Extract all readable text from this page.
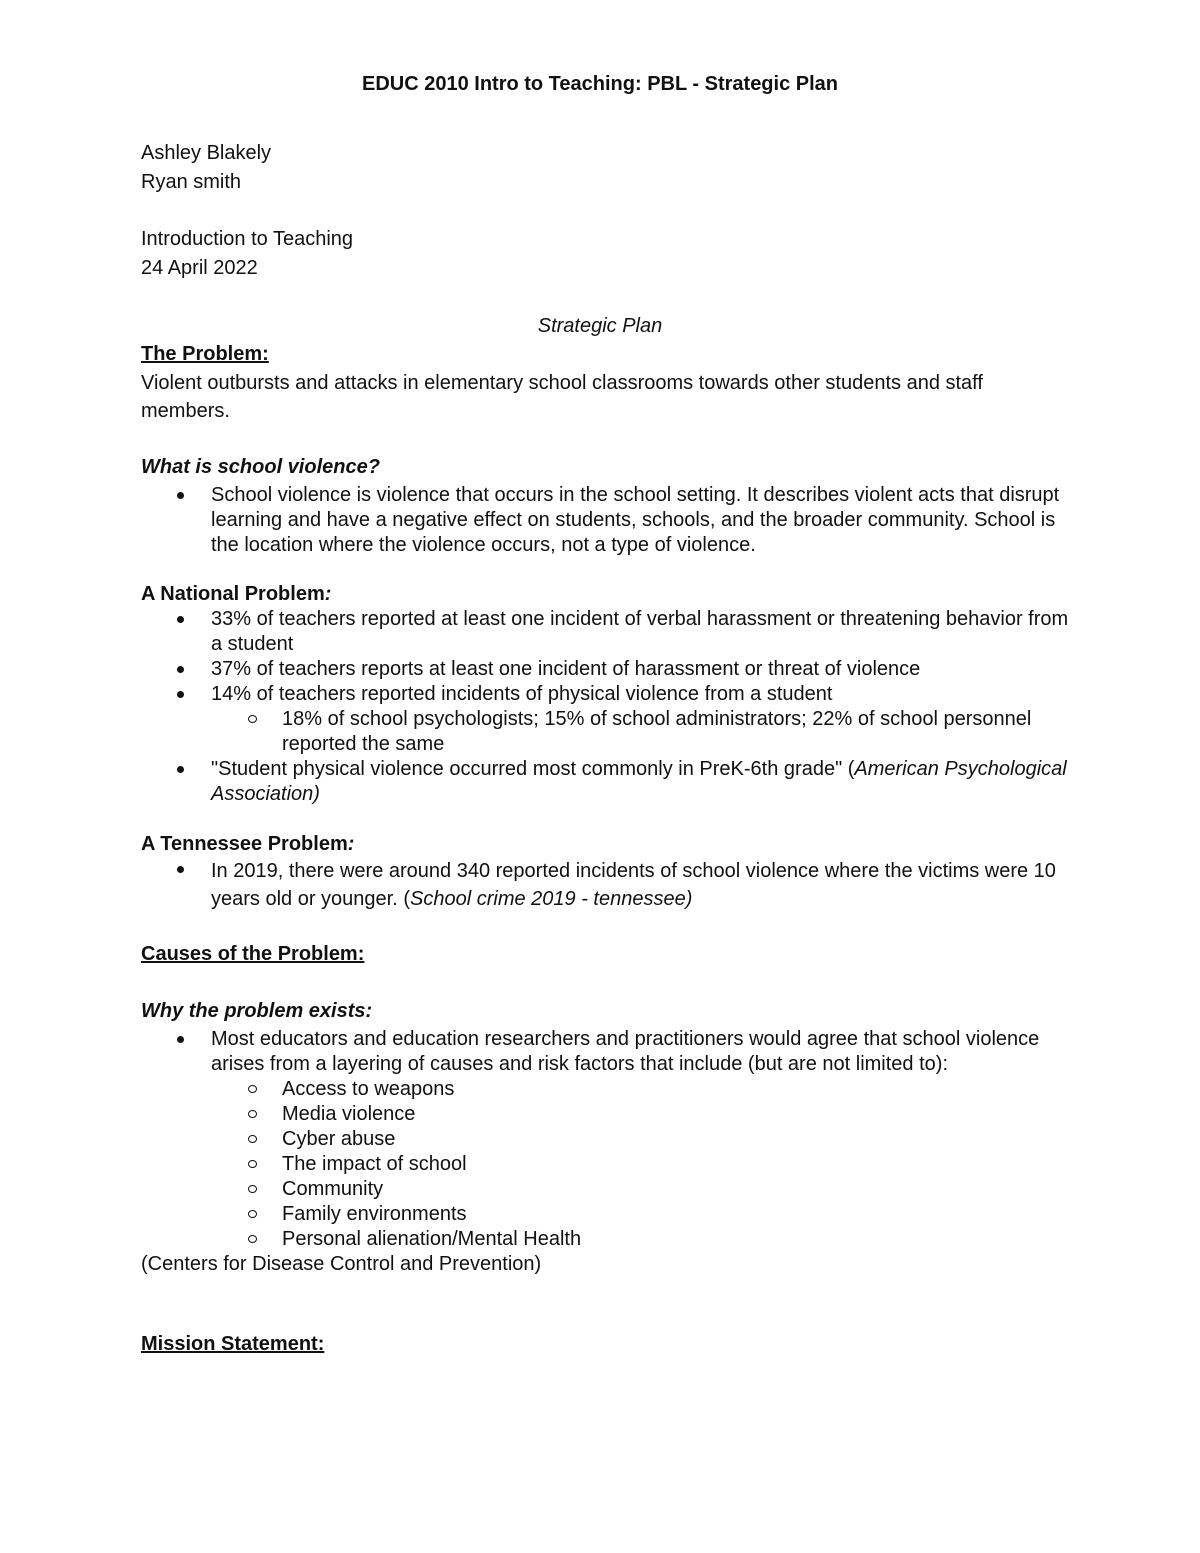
EDUC 2010 Intro to Teaching: PBL - Strategic Plan
Ashley Blakely
Ryan smith
Introduction to Teaching
24 April 2022
Strategic Plan
The Problem:
Violent outbursts and attacks in elementary school classrooms towards other students and staff members.
What is school violence?
School violence is violence that occurs in the school setting. It describes violent acts that disrupt learning and have a negative effect on students, schools, and the broader community. School is the location where the violence occurs, not a type of violence.
A National Problem:
33% of teachers reported at least one incident of verbal harassment or threatening behavior from a student
37% of teachers reports at least one incident of harassment or threat of violence
14% of teachers reported incidents of physical violence from a student
18% of school psychologists; 15% of school administrators; 22% of school personnel reported the same
"Student physical violence occurred most commonly in PreK-6th grade" (American Psychological Association)
A Tennessee Problem:
In 2019, there were around 340 reported incidents of school violence where the victims were 10 years old or younger. (School crime 2019 - tennessee)
Causes of the Problem:
Why the problem exists:
Most educators and education researchers and practitioners would agree that school violence arises from a layering of causes and risk factors that include (but are not limited to):
Access to weapons
Media violence
Cyber abuse
The impact of school
Community
Family environments
Personal alienation/Mental Health
(Centers for Disease Control and Prevention)
Mission Statement:
